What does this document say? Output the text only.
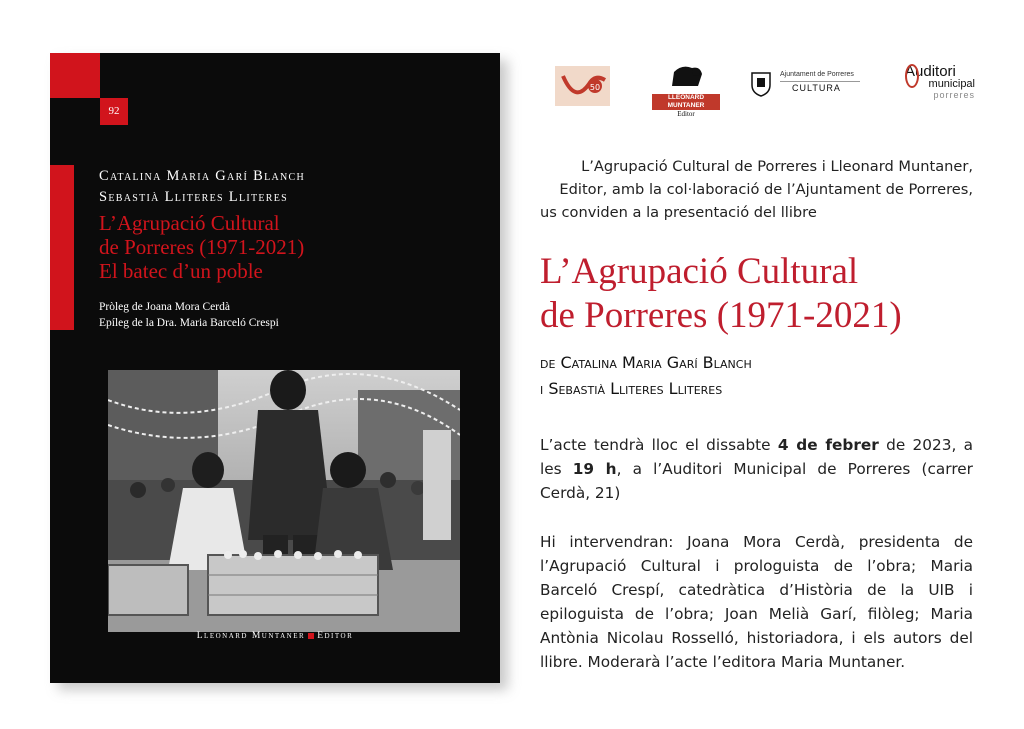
92
Catalina Maria Garí Blanch
Sebastià Lliteres Lliteres
L’Agrupació Cultural
de Porreres (1971-2021)
El batec d’un poble
Pròleg de Joana Mora Cerdà
Epíleg de la Dra. Maria Barceló Crespi
Lleonard Muntaner Editor
50
LLEONARD MUNTANER
Editor
Ajuntament de Porreres
CULTURA
Auditori
municipal
porreres
L’Agrupació Cultural de Porreres i Lleonard Muntaner,
Editor, amb la col·laboració de l’Ajuntament de Porreres,
us conviden a la presentació del llibre
L’Agrupació Cultural
de Porreres (1971-2021)
de Catalina Maria Garí Blanch
i Sebastià Lliteres Lliteres
L’acte tendrà lloc el dissabte 4 de febrer de 2023, a les 19 h, a l’Auditori Municipal de Porreres (carrer Cerdà, 21)
Hi intervendran: Joana Mora Cerdà, presidenta de l’Agrupació Cultural i prologuista de l’obra; Maria Barceló Crespí, catedràtica d’Història de la UIB i epiloguista de l’obra; Joan Melià Garí, filòleg; Maria Antònia Nicolau Rosselló, historiadora, i els autors del llibre. Moderarà l’acte l’editora Maria Muntaner.
